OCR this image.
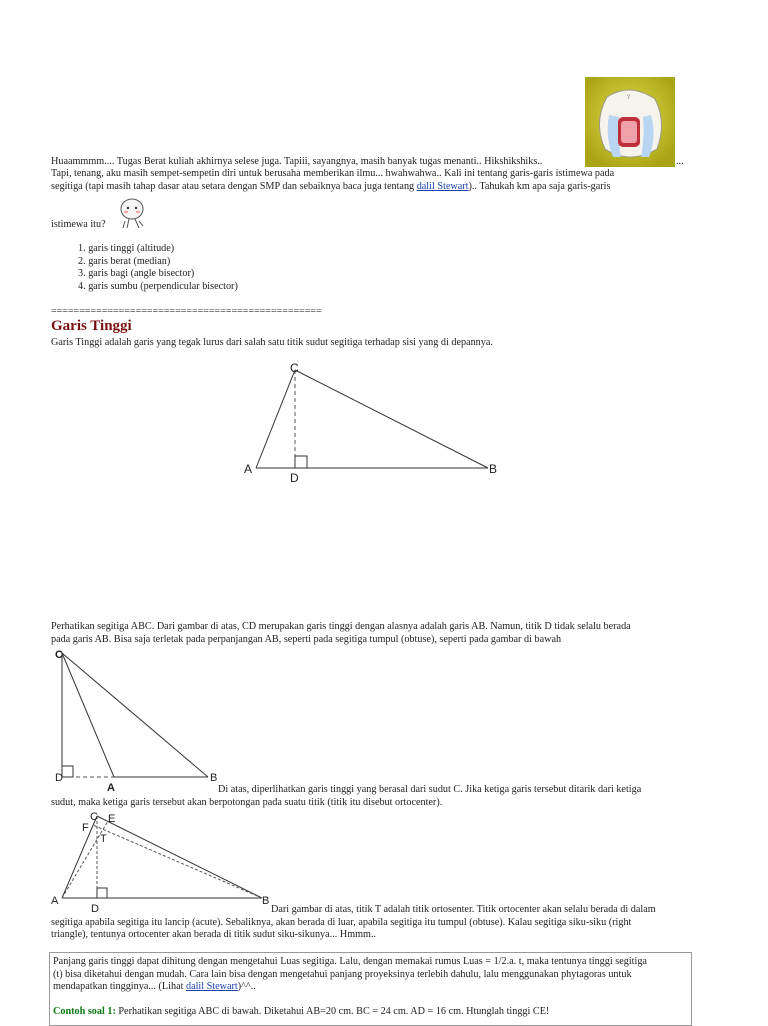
'/
Huaammmm.... Tugas Berat kuliah akhirnya selese juga. Tapiii, sayangnya, masih banyak tugas menanti.. Hikshikshiks..	...
Tapi, tenang, aku masih sempet-sempetin diri untuk berusaha memberikan ilmu... hwahwahwa.. Kali ini tentang garis-garis istimewa pada
segitiga (tapi masih tahap dasar atau setara dengan SMP dan sebaiknya baca juga tentang dalil Stewart).. Tahukah km apa saja garis-garis
istimewa itu?
1. garis tinggi (altitude)
2. garis berat (median)
3. garis bagi (angle bisector)
4. garis sumbu (perpendicular bisector)
================================================
Garis Tinggi
Garis Tinggi adalah garis yang tegak lurus dari salah satu titik sudut segitiga terhadap sisi yang di depannya.
C
A	B
D
Perhatikan segitiga ABC. Dari gambar di atas, CD merupakan garis tinggi dengan alasnya adalah garis AB. Namun, titik D tidak selalu berada
pada garis AB. Bisa saja terletak pada perpanjangan AB, seperti pada segitiga tumpul (obtuse), seperti pada gambar di bawah
C
D
A
B
Di atas, diperlihatkan garis tinggi yang berasal dari sudut C. Jika ketiga garis tersebut ditarik dari ketiga
sudut, maka ketiga garis tersebut akan berpotongan pada suatu titik (titik itu disebut ortocenter).
C E
F
T
A
D
B
Dari gambar di atas, titik T adalah titik ortosenter. Titik ortocenter akan selalu berada di dalam
segitiga apabila segitiga itu lancip (acute). Sebaliknya, akan berada di luar, apabila segitiga itu tumpul (obtuse). Kalau segitiga siku-siku (right
triangle), tentunya ortocenter akan berada di titik sudut siku-sikunya... Hmmm..
Panjang garis tinggi dapat dihitung dengan mengetahui Luas segitiga. Lalu, dengan memakai rumus Luas = 1/2.a. t, maka tentunya tinggi segitiga
(t) bisa diketahui dengan mudah. Cara lain bisa dengan mengetahui panjang proyeksinya terlebih dahulu, lalu menggunakan phytagoras untuk
mendapatkan tingginya... (Lihat dalil Stewart)^^..
Contoh soal 1: Perhatikan segitiga ABC di bawah. Diketahui AB=20 cm. BC = 24 cm. AD = 16 cm. Htunglah tinggi CE!
